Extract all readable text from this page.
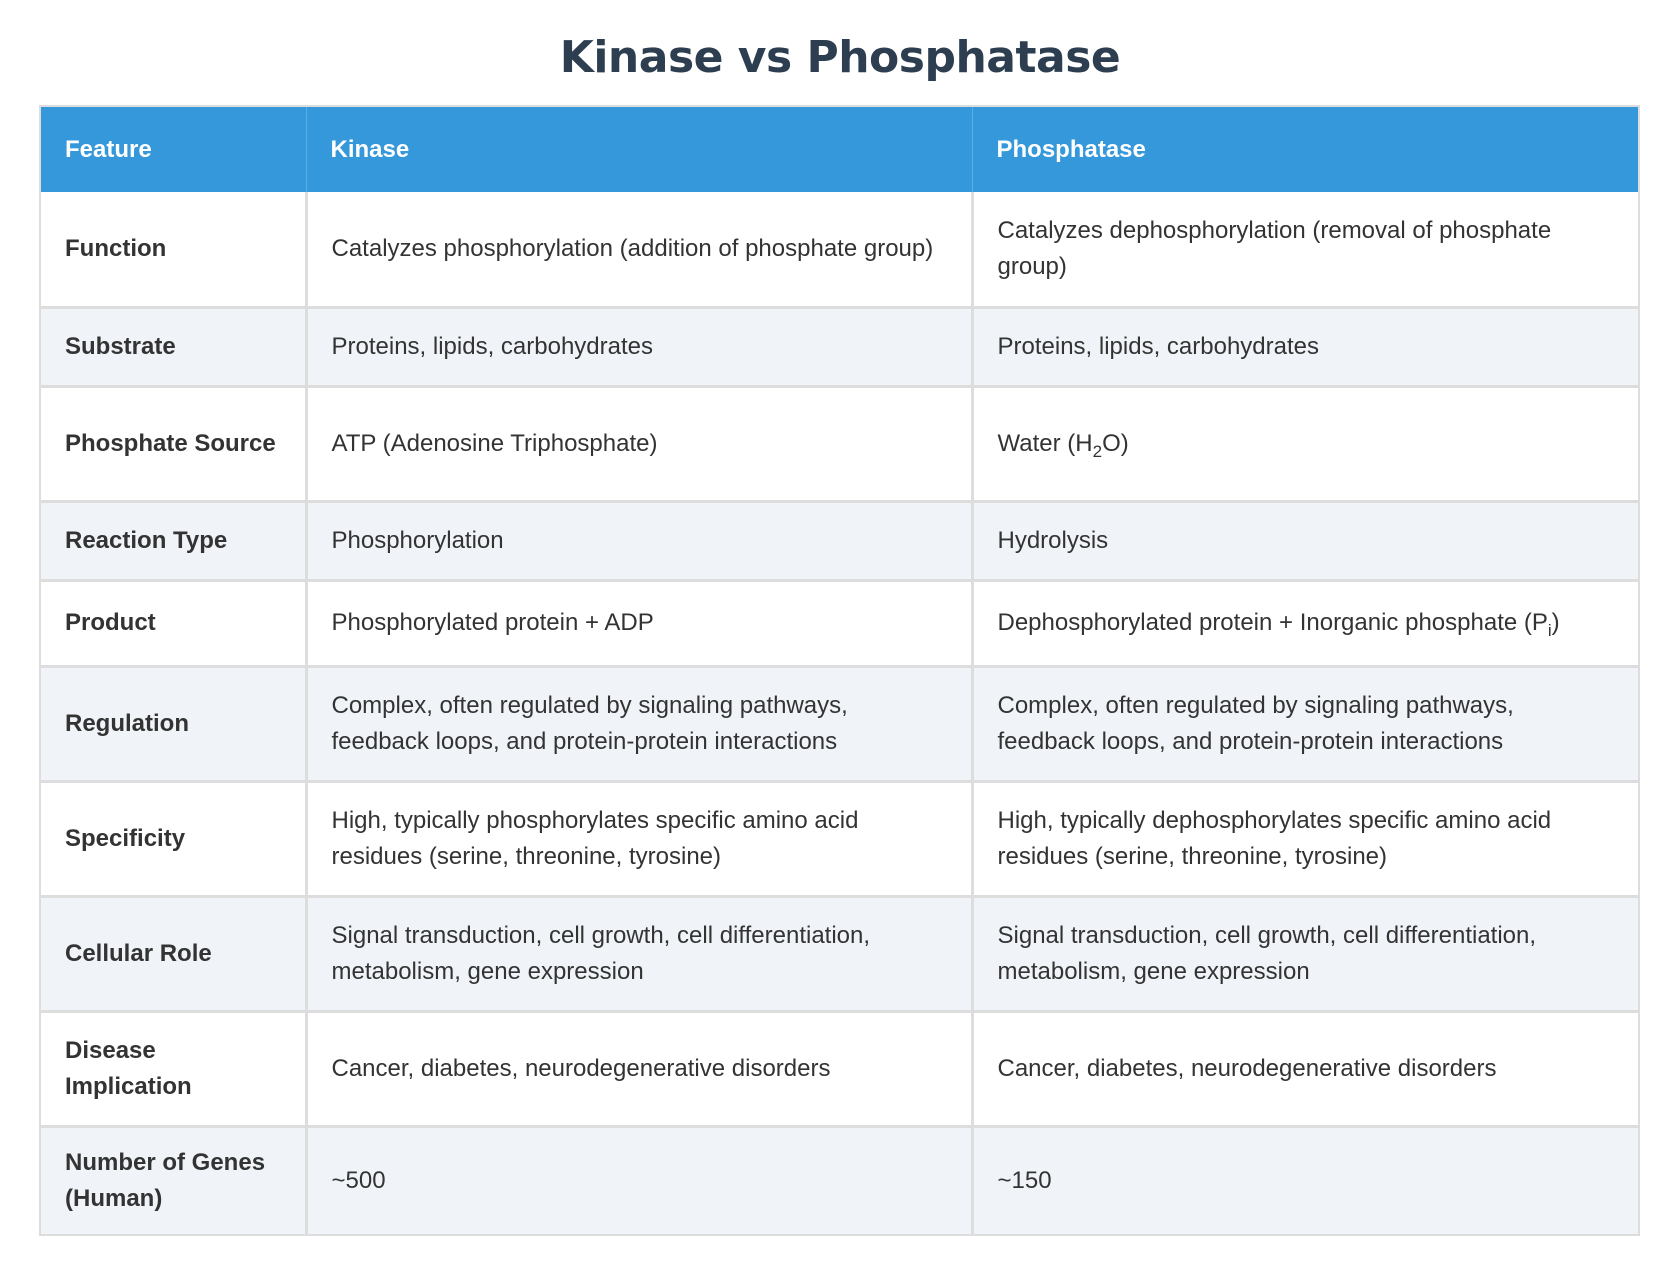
Kinase vs Phosphatase
Feature	Kinase	Phosphatase
Function	Catalyzes phosphorylation (addition of phosphate group)	Catalyzes dephosphorylation (removal of phosphate group)
Substrate	Proteins, lipids, carbohydrates	Proteins, lipids, carbohydrates
Phosphate Source	ATP (Adenosine Triphosphate)	Water $(H_2O)$
Reaction Type	Phosphorylation	Hydrolysis
Product	Phosphorylated protein + ADP	Dephosphorylated protein + Inorganic phosphate $(P_i)$
Regulation	Complex, often regulated by signaling pathways, feedback loops, and protein-protein interactions	Complex, often regulated by signaling pathways, feedback loops, and protein-protein interactions
Specificity	High, typically phosphorylates specific amino acid residues (serine, threonine, tyrosine)	High, typically dephosphorylates specific amino acid residues (serine, threonine, tyrosine)
Cellular Role	Signal transduction, cell growth, cell differentiation, metabolism, gene expression	Signal transduction, cell growth, cell differentiation, metabolism, gene expression
Disease Implication	Cancer, diabetes, neurodegenerative disorders	Cancer, diabetes, neurodegenerative disorders
Number of Genes (Human)	~500	~150
